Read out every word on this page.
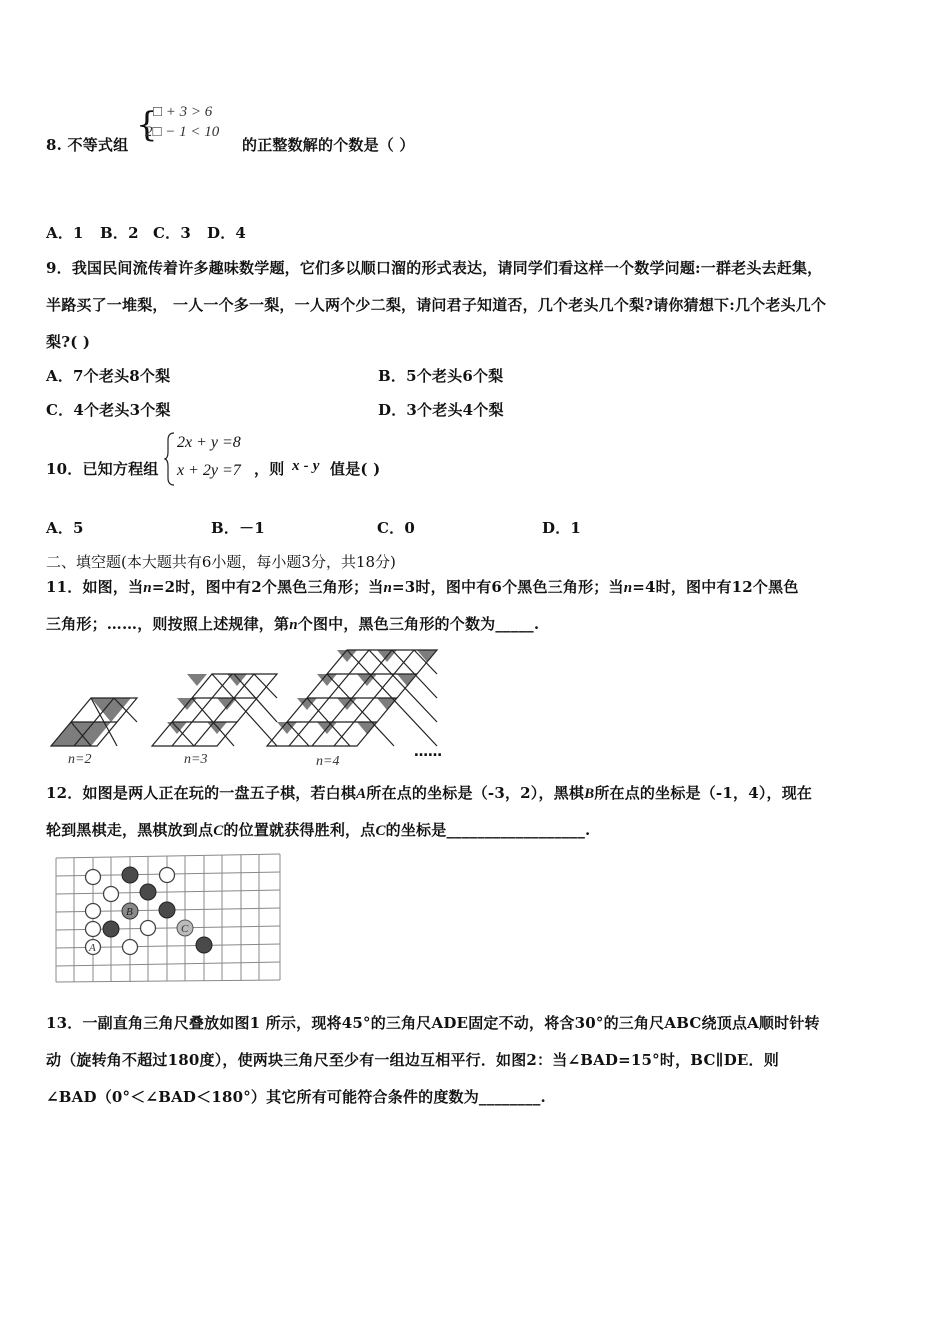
8. 不等式组 {
□ + 3 > 6
2□ − 1 < 10
的正整数解的个数是（ ）
A．1 B．2 C．3 D．4
9．我国民间流传着许多趣味数学题，它们多以顺口溜的形式表达，请同学们看这样一个数学问题:一群老头去赶集，
半路买了一堆梨， 一人一个多一梨，一人两个少二梨，请问君子知道否，几个老头几个梨?请你猜想下:几个老头几个
梨?( )
A．7个老头8个梨	B．5个老头6个梨
C．4个老头3个梨	D．3个老头4个梨
10．已知方程组
2x + y =8
x + 2y =7 ，则 x - y 值是( )
A．5	B．－1	C．0	D．1
二、填空题(本大题共有6小题，每小题3分，共18分)
11．如图，当n=2时，图中有2个黑色三角形；当n=3时，图中有6个黑色三角形；当n=4时，图中有12个黑色
三角形；……，则按照上述规律，第n个图中，黑色三角形的个数为_____.
n=2	n=3	n=4
……
12．如图是两人正在玩的一盘五子棋，若白棋A所在点的坐标是（-3，2），黑棋B所在点的坐标是（-1，4），现在
轮到黑棋走，黑棋放到点C的位置就获得胜利，点C的坐标是__________________.
A
B
C
13．一副直角三角尺叠放如图1 所示，现将45°的三角尺ADE固定不动，将含30°的三角尺ABC绕顶点A顺时针转
动（旋转角不超过180度），使两块三角尺至少有一组边互相平行．如图2：当∠BAD=15°时，BC∥DE．则
∠BAD（0°＜∠BAD＜180°）其它所有可能符合条件的度数为________.
